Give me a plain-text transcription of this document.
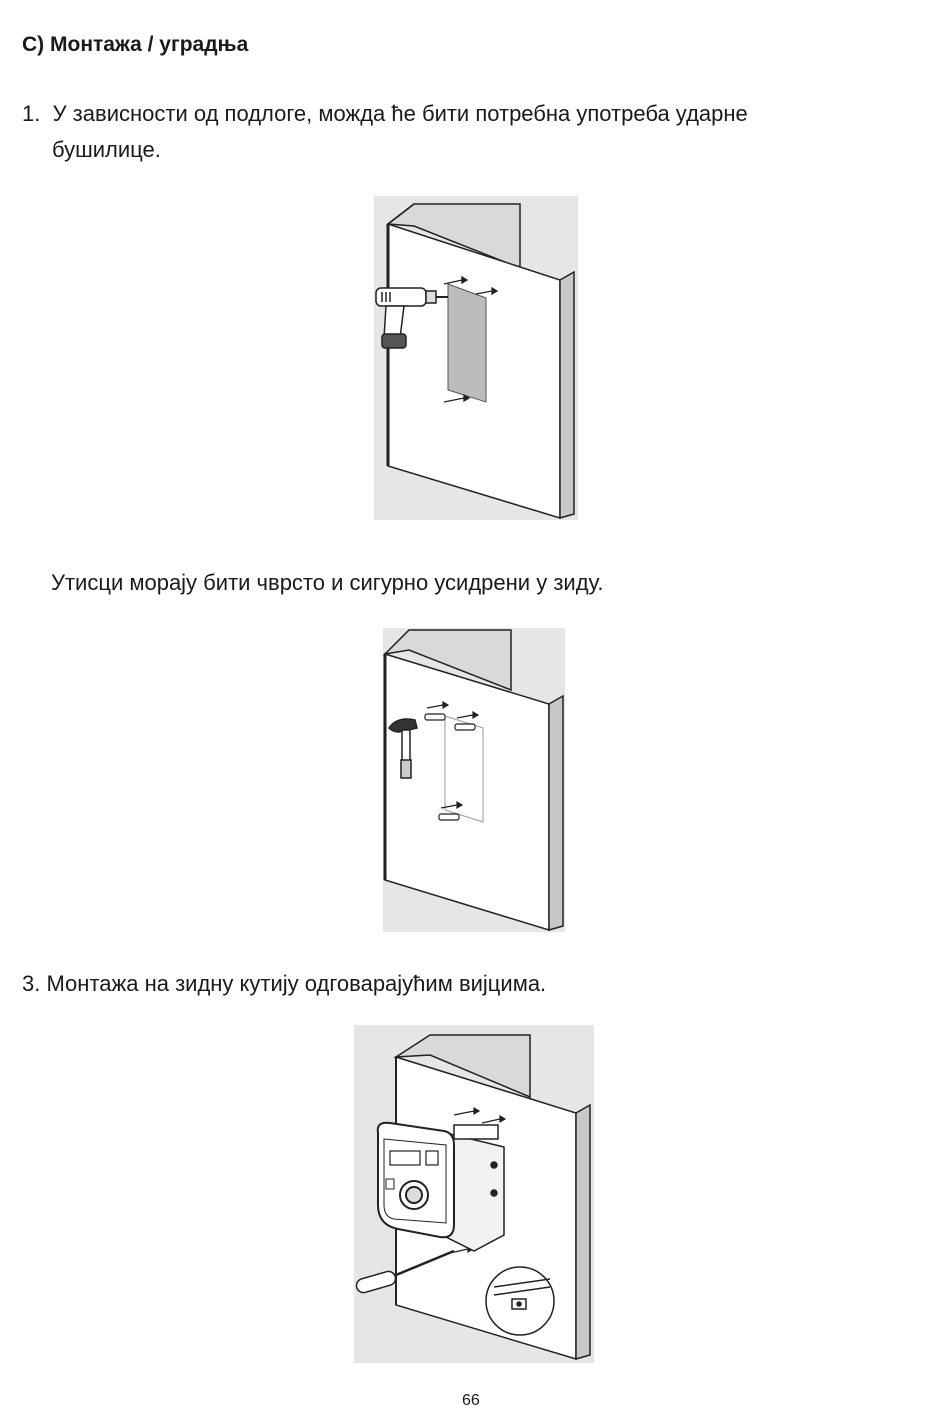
C) Монтажа / уградња

1. У зависности од подлоге, можда ће бити потребна употреба ударне
бушилице.

Утисци морају бити чврсто и сигурно усидрени у зиду.

3. Монтажа на зидну кутију одговарајућим вијцима.

66
